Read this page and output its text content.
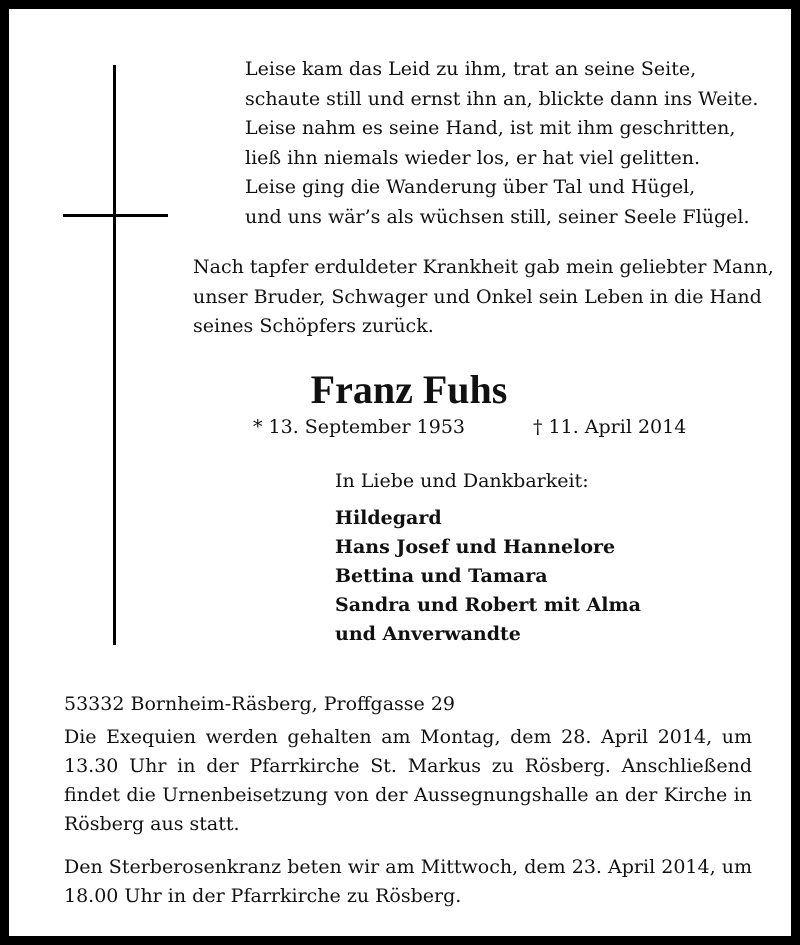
Leise kam das Leid zu ihm, trat an seine Seite,
schaute still und ernst ihn an, blickte dann ins Weite.
Leise nahm es seine Hand, ist mit ihm geschritten,
ließ ihn niemals wieder los, er hat viel gelitten.
Leise ging die Wanderung über Tal und Hügel,
und uns wär’s als wüchsen still, seiner Seele Flügel.
Nach tapfer erduldeter Krankheit gab mein geliebter Mann,
unser Bruder, Schwager und Onkel sein Leben in die Hand
seines Schöpfers zurück.
Franz Fuhs
* 13. September 1953	† 11. April 2014
In Liebe und Dankbarkeit:
Hildegard
Hans Josef und Hannelore
Bettina und Tamara
Sandra und Robert mit Alma
und Anverwandte
53332 Bornheim-Räsberg, Proffgasse 29
Die Exequien werden gehalten am Montag, dem 28. April 2014, um
13.30 Uhr in der Pfarrkirche St. Markus zu Rösberg. Anschließend
findet die Urnenbeisetzung von der Aussegnungshalle an der Kirche in
Rösberg aus statt.
Den Sterberosenkranz beten wir am Mittwoch, dem 23. April 2014, um
18.00 Uhr in der Pfarrkirche zu Rösberg.
